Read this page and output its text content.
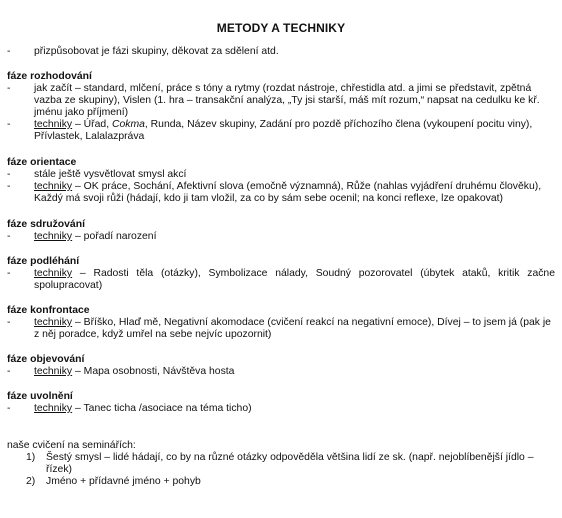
METODY A TECHNIKY
- přizpůsobovat je fázi skupiny, děkovat za sdělení atd.
fáze rozhodování
- jak začít – standard, mlčení, práce s tóny a rytmy (rozdat nástroje, chřestidla atd. a jimi se představit, zpětná vazba ze skupiny), Vislen (1. hra – transakční analýza, „Ty jsi starší, máš mít rozum,“ napsat na cedulku ke kř. jménu jako příjmení)
- techniky – Úřad, Cokma, Runda, Název skupiny, Zadání pro pozdě příchozího člena (vykoupení pocitu viny), Přívlastek, Lalalazpráva
fáze orientace
- stále ještě vysvětlovat smysl akcí
- techniky – OK práce, Sochání, Afektivní slova (emočně významná), Růže (nahlas vyjádření druhému člověku), Každý má svoji růži (hádají, kdo ji tam vložil, za co by sám sebe ocenil; na konci reflexe, lze opakovat)
fáze sdružování
- techniky – pořadí narození
fáze podléhání
- techniky – Radosti těla (otázky), Symbolizace nálady, Soudný pozorovatel (úbytek ataků, kritik začne spolupracovat)
fáze konfrontace
- techniky – Bříško, Hlaď mě, Negativní akomodace (cvičení reakcí na negativní emoce), Dívej – to jsem já (pak je z něj poradce, když umřel na sebe nejvíc upozornit)
fáze objevování
- techniky – Mapa osobnosti, Návštěva hosta
fáze uvolnění
- techniky – Tanec ticha /asociace na téma ticho)
naše cvičení na seminářích:
1) Šestý smysl – lidé hádají, co by na různé otázky odpověděla většina lidí ze sk. (např. nejoblíbenější jídlo – řízek)
2) Jméno + přídavné jméno + pohyb
